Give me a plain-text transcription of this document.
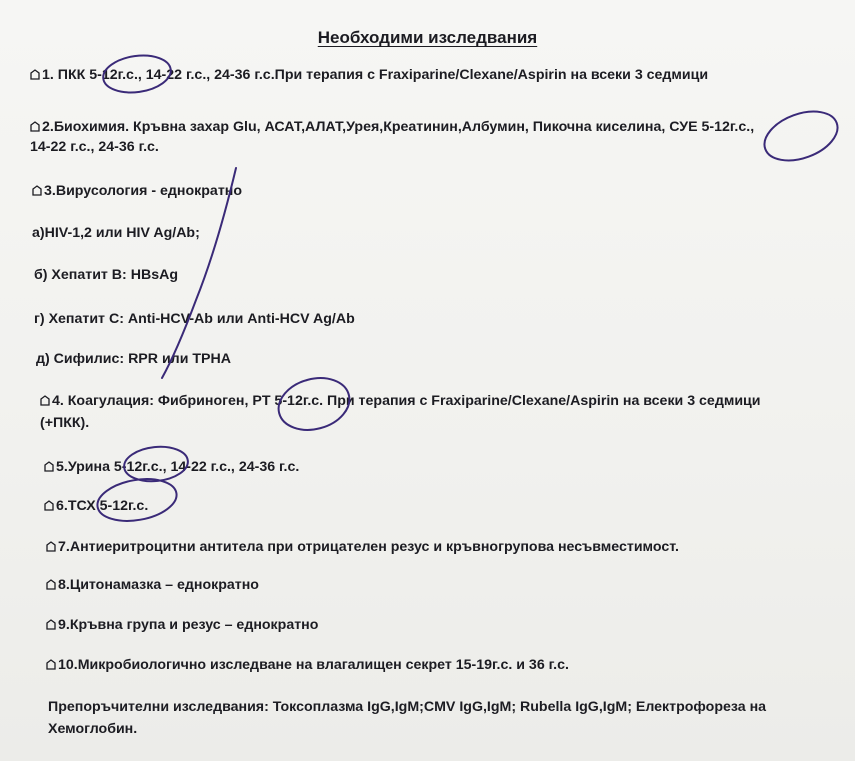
Необходими изследвания
1. ПКК 5-12г.с., 14-22 г.с., 24-36 г.с.При терапия с Fraxiparine/Clexane/Aspirin на всеки 3 седмици
2.Биохимия. Кръвна захар Glu, АСАТ,АЛАТ,Урея,Креатинин,Албумин, Пикочна киселина, СУЕ 5-12г.с.,
14-22 г.с., 24-36 г.с.
3.Вирусология - еднократно
а)HIV-1,2 или HIV Ag/Ab;
б) Хепатит В: HBsAg
г) Хепатит С: Anti-HCV-Ab или Anti-HCV Ag/Ab
д) Сифилис: RPR или TPHA
4. Коагулация: Фибриноген, PT 5-12г.с. При терапия с Fraxiparine/Clexane/Aspirin на всеки 3 седмици
(+ПКК).
5.Урина 5-12г.с., 14-22 г.с., 24-36 г.с.
6.ТСХ 5-12г.с.
7.Антиеритроцитни антитела при отрицателен резус и кръвногрупова несъвместимост.
8.Цитонамазка – еднократно
9.Кръвна група и резус – еднократно
10.Микробиологично изследване на влагалищен секрет 15-19г.с. и 36 г.с.
Препоръчителни изследвания: Токсоплазма IgG,IgM;CMV IgG,IgM; Rubella IgG,IgM; Електрофореза на
Хемоглобин.
